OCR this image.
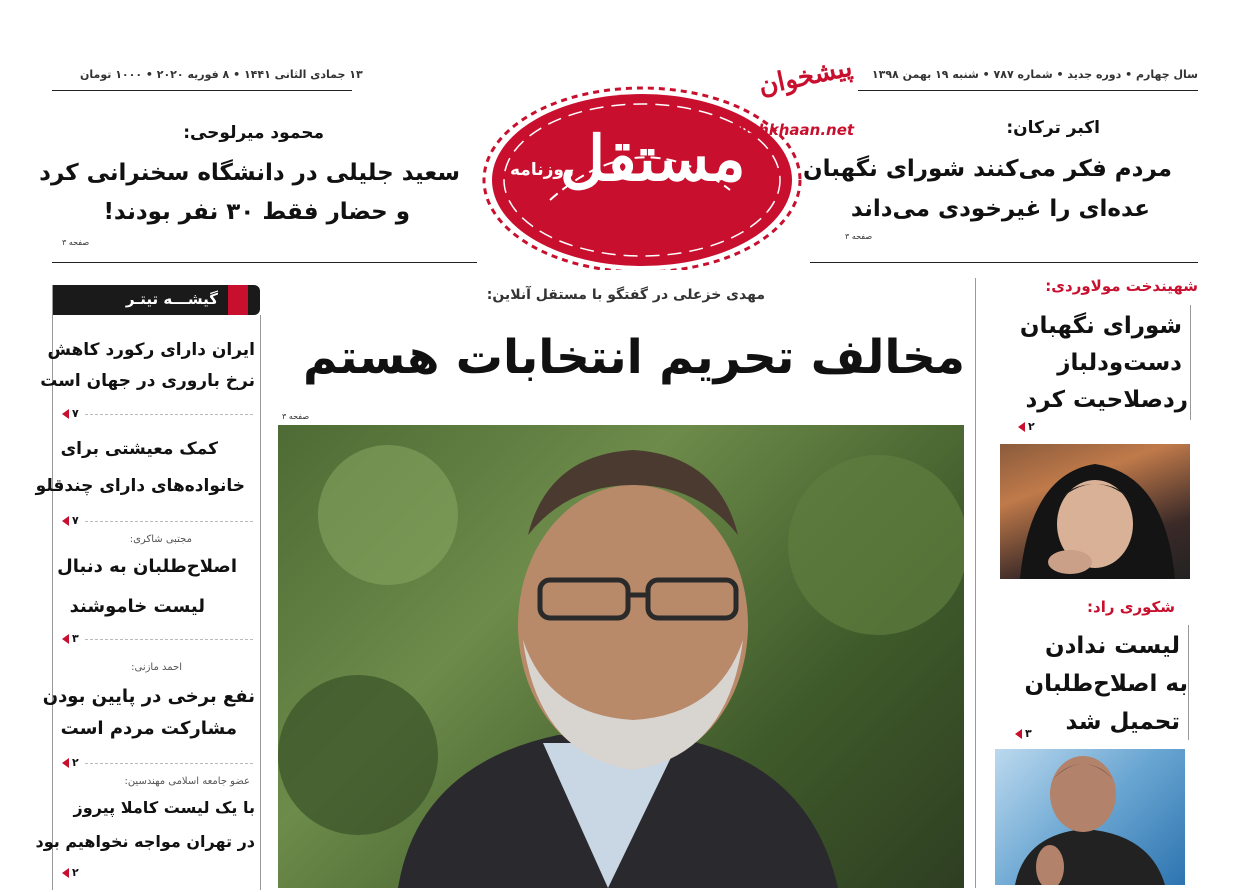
سال چهارم • دوره جدید • شماره ۷۸۷ • شنبه ۱۹ بهمن ۱۳۹۸
۱۳ جمادی الثانی ۱۴۴۱ • ۸ فوریه ۲۰۲۰ • ۱۰۰۰ تومان
مستقل
روزنامه
پیشخوان
Pishkhaan.net	اکبر ترکان:
مردم فکر می‌کنند شورای نگهبان
عده‌ای را غیرخودی می‌داند
صفحه ۳
محمود میرلوحی:
سعید جلیلی در دانشگاه سخنرانی کرد
و حضار فقط ۳۰ نفر بودند!
صفحه ۳
مهدی خزعلی در گفتگو با مستقل آنلاین:
مخالف تحریم انتخابات هستم
صفحه ۳
شهیندخت مولاوردی:
شورای نگهبان
دست‌ودلباز
ردصلاحیت کرد
۲
شکوری راد:
لیست ندادن
به اصلاح‌طلبان
تحمیل شد
۳
گیشـــه تیتـر
ایران دارای رکورد کاهش
نرخ باروری در جهان است
۷
کمک معیشتی برای
خانواده‌های دارای چندقلو
۷
مجتبی شاکری:
اصلاح‌طلبان به دنبال
لیست خاموشند
۳
احمد مازنی:
نفع برخی در پایین بودن
مشارکت مردم است
۲
عضو جامعه اسلامی مهندسین:
با یک لیست کاملا پیروز
در تهران مواجه نخواهیم بود
۲
